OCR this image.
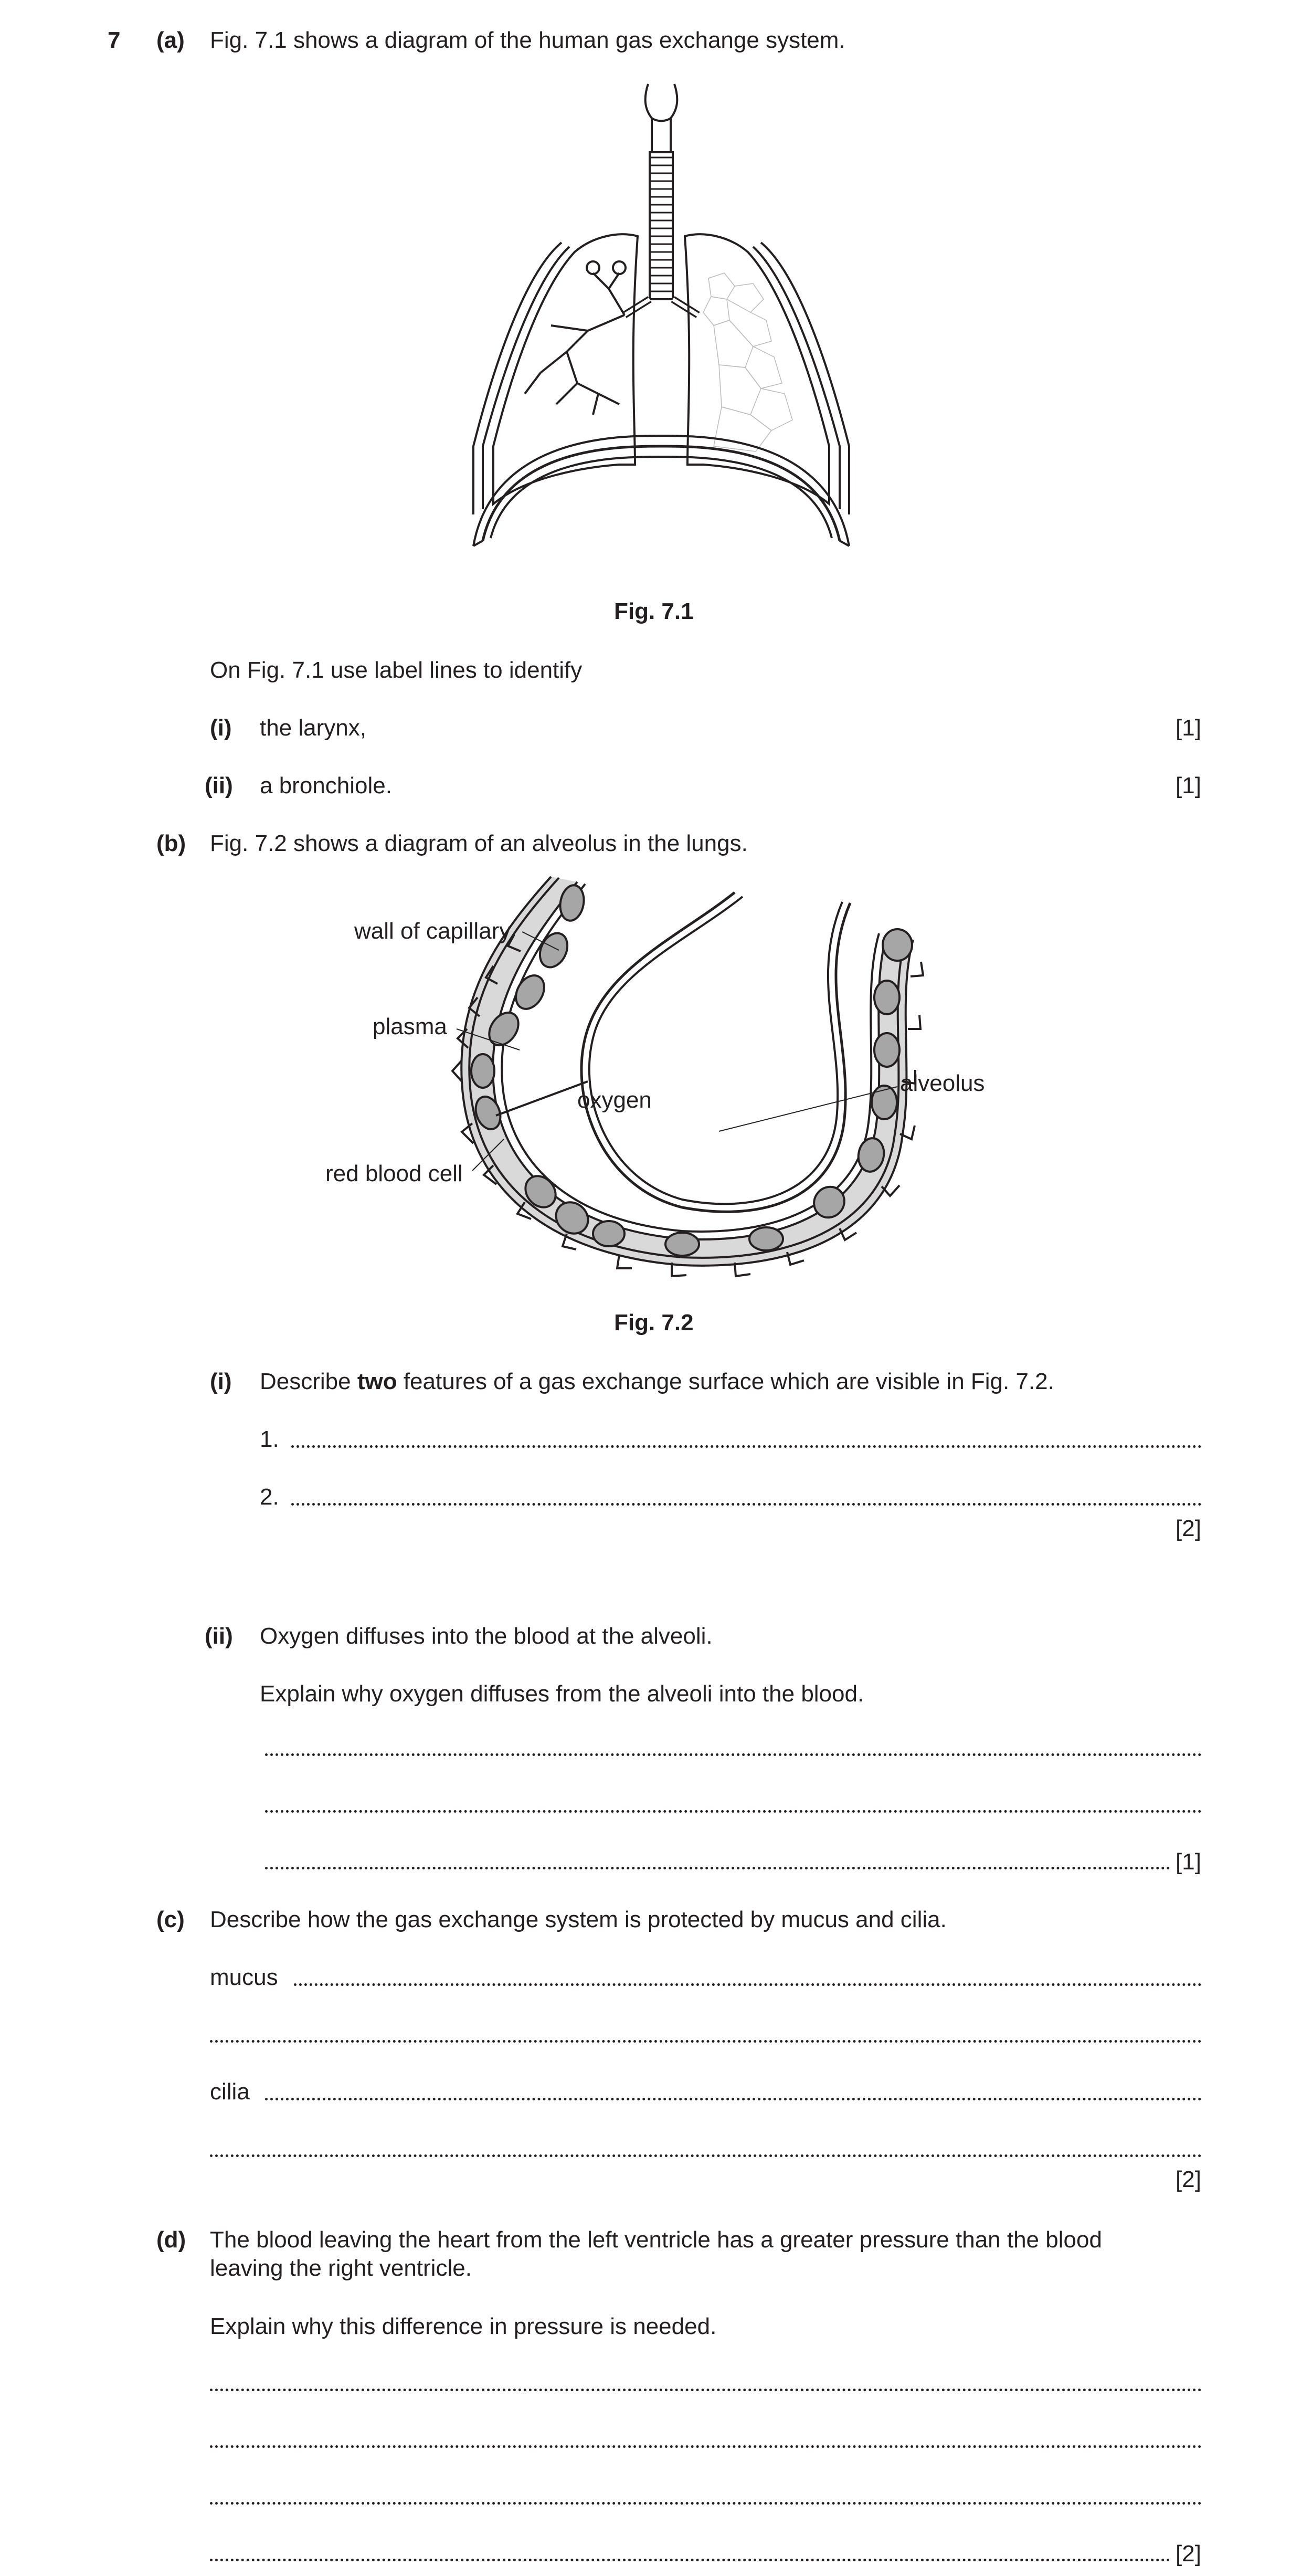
7 (a) Fig. 7.1 shows a diagram of the human gas exchange system.
Fig. 7.1
On Fig. 7.1 use label lines to identify
(i) the larynx,	[1]
(ii) a bronchiole.	[1]
(b) Fig. 7.2 shows a diagram of an alveolus in the lungs.
wall of capillary
plasma
oxygen
red blood cell
alveolus
Fig. 7.2
(i) Describe two features of a gas exchange surface which are visible in Fig. 7.2.
1.
2.
[2]
(ii) Oxygen diffuses into the blood at the alveoli.
Explain why oxygen diffuses from the alveoli into the blood.
[1]
(c) Describe how the gas exchange system is protected by mucus and cilia.
mucus
cilia
[2]
(d) The blood leaving the heart from the left ventricle has a greater pressure than the blood
leaving the right ventricle.
Explain why this difference in pressure is needed.
[2]
